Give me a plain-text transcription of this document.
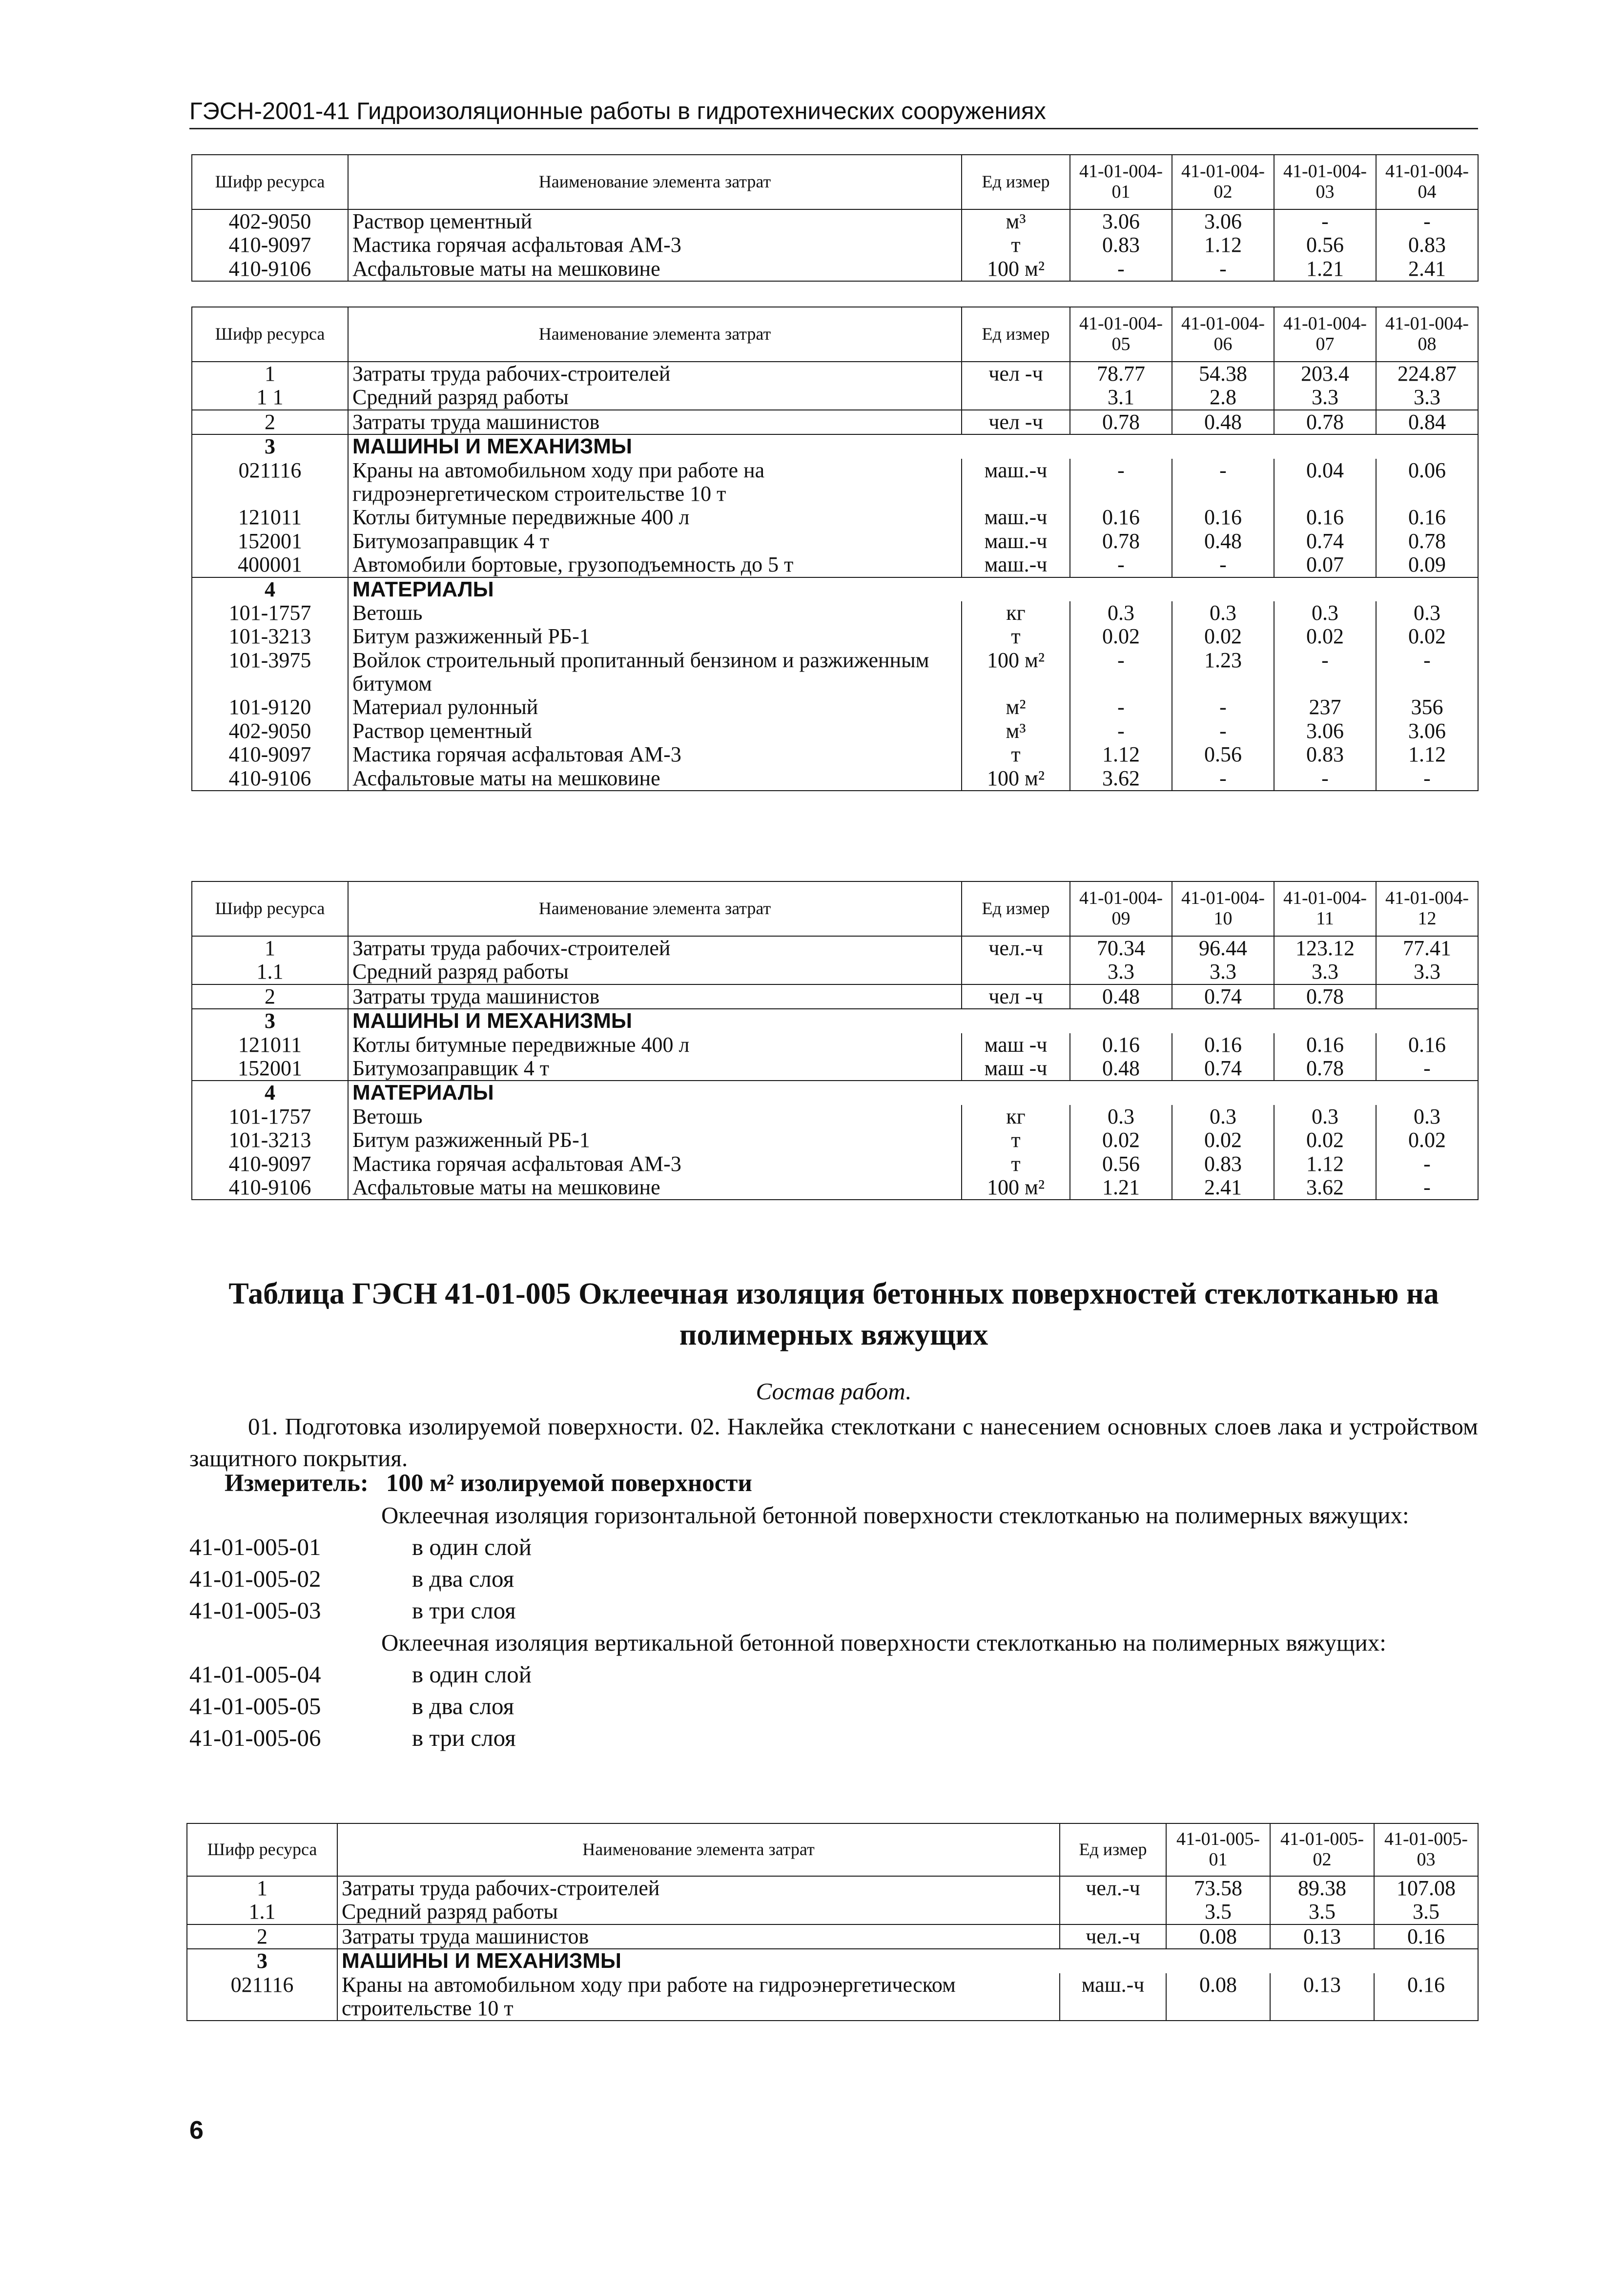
ГЭСН-2001-41 Гидроизоляционные работы в гидротехнических сооружениях
Шифр ресурса	Наименование элемента затрат	Ед измер	41-01-004-01	41-01-004-02	41-01-004-03	41-01-004-04
402-9050	Раствор цементный	м³	3.06	3.06	-	-
410-9097	Мастика горячая асфальтовая АМ-3	т	0.83	1.12	0.56	0.83
410-9106	Асфальтовые маты на мешковине	100 м²	-	-	1.21	2.41
Шифр ресурса	Наименование элемента затрат	Ед измер	41-01-004-05	41-01-004-06	41-01-004-07	41-01-004-08
1	Затраты труда рабочих-строителей	чел -ч	78.77	54.38	203.4	224.87
1 1	Средний разряд работы		3.1	2.8	3.3	3.3
2	Затраты труда машинистов	чел -ч	0.78	0.48	0.78	0.84
3	МАШИНЫ И МЕХАНИЗМЫ					
021116	Краны на автомобильном ходу при работе на гидроэнергетическом строительстве 10 т	маш.-ч	-	-	0.04	0.06
121011	Котлы битумные передвижные 400 л	маш.-ч	0.16	0.16	0.16	0.16
152001	Битумозаправщик 4 т	маш.-ч	0.78	0.48	0.74	0.78
400001	Автомобили бортовые, грузоподъемность до 5 т	маш.-ч	-	-	0.07	0.09
4	МАТЕРИАЛЫ					
101-1757	Ветошь	кг	0.3	0.3	0.3	0.3
101-3213	Битум разжиженный РБ-1	т	0.02	0.02	0.02	0.02
101-3975	Войлок строительный пропитанный бензином и разжиженным битумом	100 м²	-	1.23	-	-
101-9120	Материал рулонный	м²	-	-	237	356
402-9050	Раствор цементный	м³	-	-	3.06	3.06
410-9097	Мастика горячая асфальтовая АМ-3	т	1.12	0.56	0.83	1.12
410-9106	Асфальтовые маты на мешковине	100 м²	3.62	-	-	-
Шифр ресурса	Наименование элемента затрат	Ед измер	41-01-004-09	41-01-004-10	41-01-004-11	41-01-004-12
1	Затраты труда рабочих-строителей	чел.-ч	70.34	96.44	123.12	77.41
1.1	Средний разряд работы		3.3	3.3	3.3	3.3
2	Затраты труда машинистов	чел -ч	0.48	0.74	0.78	
3	МАШИНЫ И МЕХАНИЗМЫ					
121011	Котлы битумные передвижные 400 л	маш -ч	0.16	0.16	0.16	0.16
152001	Битумозаправщик 4 т	маш -ч	0.48	0.74	0.78	-
4	МАТЕРИАЛЫ					
101-1757	Ветошь	кг	0.3	0.3	0.3	0.3
101-3213	Битум разжиженный РБ-1	т	0.02	0.02	0.02	0.02
410-9097	Мастика горячая асфальтовая АМ-3	т	0.56	0.83	1.12	-
410-9106	Асфальтовые маты на мешковине	100 м²	1.21	2.41	3.62	-
Таблица ГЭСН 41-01-005 Оклеечная изоляция бетонных поверхностей стеклотканью на полимерных вяжущих
Состав работ.
01. Подготовка изолируемой поверхности. 02. Наклейка стеклоткани с нанесением основных слоев лака и устройством защитного покрытия.
Измеритель: 100 м² изолируемой поверхности
Оклеечная изоляция горизонтальной бетонной поверхности стеклотканью на полимерных вяжущих:
41-01-005-01	в один слой
41-01-005-02	в два слоя
41-01-005-03	в три слоя
Оклеечная изоляция вертикальной бетонной поверхности стеклотканью на полимерных вяжущих:
41-01-005-04	в один слой
41-01-005-05	в два слоя
41-01-005-06	в три слоя
Шифр ресурса	Наименование элемента затрат	Ед измер	41-01-005-01	41-01-005-02	41-01-005-03
1	Затраты труда рабочих-строителей	чел.-ч	73.58	89.38	107.08
1.1	Средний разряд работы		3.5	3.5	3.5
2	Затраты труда машинистов	чел.-ч	0.08	0.13	0.16
3	МАШИНЫ И МЕХАНИЗМЫ				
021116	Краны на автомобильном ходу при работе на гидроэнергетическом строительстве 10 т	маш.-ч	0.08	0.13	0.16
6
